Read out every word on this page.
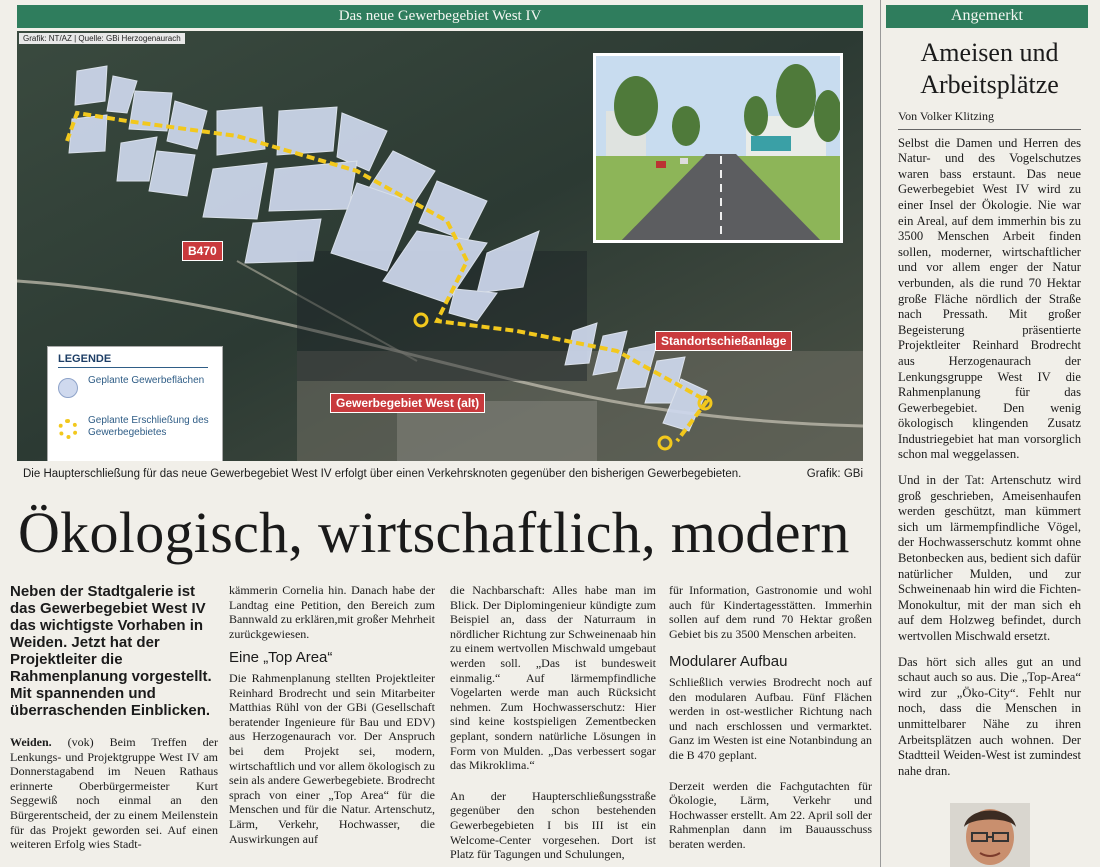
Das neue Gewerbegebiet West IV
Grafik: NT/AZ | Quelle: GBi Herzogenaurach
B470
Standortschießanlage
Gewerbegebiet West (alt)
LEGENDE
Geplante Gewerbeflächen
Geplante Erschließung des Gewerbegebietes
Die Haupterschließung für das neue Gewerbegebiet West IV erfolgt über einen Verkehrsknoten gegenüber den bisherigen Gewerbegebieten.	Grafik: GBi
Ökologisch, wirtschaftlich, modern

Neben der Stadtgalerie ist das Gewerbegebiet West IV das wichtigste Vorhaben in Weiden. Jetzt hat der Projektleiter die Rahmenplanung vorgestellt. Mit spannenden und überraschenden Einblicken.

Weiden. (vok) Beim Treffen der Lenkungs- und Projektgruppe West IV am Donnerstagabend im Neuen Rathaus erinnerte Oberbürgermeister Kurt Seggewiß noch einmal an den Bürgerentscheid, der zu einem Meilenstein für das Projekt geworden sei. Auf einen weiteren Erfolg wies Stadt-

kämmerin Cornelia hin. Danach habe der Landtag eine Petition, den Bereich zum Bannwald zu erklären,mit großer Mehrheit zurückgewiesen.

Eine „Top Area“

Die Rahmenplanung stellten Projektleiter Reinhard Brodrecht und sein Mitarbeiter Matthias Rühl von der GBi (Gesellschaft beratender Ingenieure für Bau und EDV) aus Herzogenaurach vor. Der Anspruch bei dem Projekt sei, modern, wirtschaftlich und vor allem ökologisch zu sein als andere Gewerbegebiete. Brodrecht sprach von einer „Top Area“ für die Menschen und für die Natur. Artenschutz, Lärm, Verkehr, Hochwasser, die Auswirkungen auf

die Nachbarschaft: Alles habe man im Blick. Der Diplomingenieur kündigte zum Beispiel an, dass der Naturraum in nördlicher Richtung zur Schweinenaab hin zu einem wertvollen Mischwald umgebaut werden soll. „Das ist bundesweit einmalig.“ Auf lärmempfindliche Vogelarten werde man auch Rücksicht nehmen. Zum Hochwasserschutz: Hier sind keine kostspieligen Zementbecken geplant, sondern natürliche Lösungen in Form von Mulden. „Das verbessert sogar das Mikroklima.“

An der Haupterschließungsstraße gegenüber den schon bestehenden Gewerbegebieten I bis III ist ein Welcome-Center vorgesehen. Dort ist Platz für Tagungen und Schulungen,

für Information, Gastronomie und wohl auch für Kindertagesstätten. Immerhin sollen auf dem rund 70 Hektar großen Gebiet bis zu 3500 Menschen arbeiten.

Modularer Aufbau

Schließlich verwies Brodrecht noch auf den modularen Aufbau. Fünf Flächen werden in ost-westlicher Richtung nach und nach erschlossen und vermarktet. Ganz im Westen ist eine Notanbindung an die B 470 geplant.

Derzeit werden die Fachgutachten für Ökologie, Lärm, Verkehr und Hochwasser erstellt. Am 22. April soll der Rahmenplan dann im Bauausschuss beraten werden.

Angemerkt
Ameisen und Arbeitsplätze

Von Volker Klitzing

Selbst die Damen und Herren des Natur- und des Vogelschutzes waren bass erstaunt. Das neue Gewerbegebiet West IV wird zu einer Insel der Ökologie. Nie war ein Areal, auf dem immerhin bis zu 3500 Menschen Arbeit finden sollen, moderner, wirtschaftlicher und vor allem enger der Natur verbunden, als die rund 70 Hektar große Fläche nördlich der Straße nach Pressath. Mit großer Begeisterung präsentierte Projektleiter Reinhard Brodrecht aus Herzogenaurach der Lenkungsgruppe West IV die Rahmenplanung für das Gewerbegebiet. Den wenig ökologisch klingenden Zusatz Industriegebiet hat man vorsorglich schon mal weggelassen.

Und in der Tat: Artenschutz wird groß geschrieben, Ameisenhaufen werden geschützt, man kümmert sich um lärmempfindliche Vögel, der Hochwasserschutz kommt ohne Betonbecken aus, bedient sich dafür natürlicher Mulden, und zur Schweinenaab hin wird die Fichten-Monokultur, mit der man sich eh auf dem Holzweg befindet, durch wertvollen Mischwald ersetzt.

Das hört sich alles gut an und schaut auch so aus. Die „Top-Area“ wird zur „Öko-City“. Fehlt nur noch, dass die Menschen in unmittelbarer Nähe zu ihren Arbeitsplätzen auch wohnen. Der Stadtteil Weiden-West ist zumindest nahe dran.
